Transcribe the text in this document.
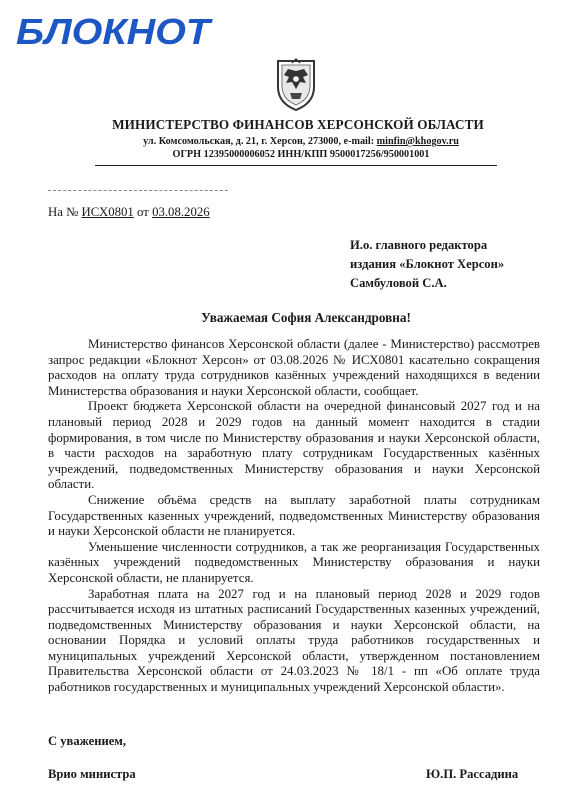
БЛОКНОТ
МИНИСТЕРСТВО ФИНАНСОВ ХЕРСОНСКОЙ ОБЛАСТИ
ул. Комсомольская, д. 21, г. Херсон, 273000, e-mail: minfin@khogov.ru
ОГРН 12395000006052 ИНН/КПП 9500017256/950001001
На № ИСХ0801 от 03.08.2026
И.о. главного редактора
издания «Блокнот Херсон»
Самбуловой С.А.
Уважаемая София Александровна!

Министерство финансов Херсонской области (далее - Министерство) рассмотрев запрос редакции «Блокнот Херсон» от 03.08.2026 № ИСХ0801 касательно сокращения расходов на оплату труда сотрудников казённых учреждений находящихся в ведении Министерства образования и науки Херсонской области, сообщает.

Проект бюджета Херсонской области на очередной финансовый 2027 год и на плановый период 2028 и 2029 годов на данный момент находится в стадии формирования, в том числе по Министерству образования и науки Херсонской области, в части расходов на заработную плату сотрудникам Государственных казённых учреждений, подведомственных Министерству образования и науки Херсонской области.

Снижение объёма средств на выплату заработной платы сотрудникам Государственных казенных учреждений, подведомственных Министерству образования и науки Херсонской области не планируется.

Уменьшение численности сотрудников, а так же реорганизация Государственных казённых учреждений подведомственных Министерству образования и науки Херсонской области, не планируется.

Заработная плата на 2027 год и на плановый период 2028 и 2029 годов рассчитывается исходя из штатных расписаний Государственных казенных учреждений, подведомственных Министерству образования и науки Херсонской области, на основании Порядка и условий оплаты труда работников государственных и муниципальных учреждений Херсонской области, утвержденном постановлением Правительства Херсонской области от 24.03.2023 № 18/1 - пп «Об оплате труда работников государственных и муниципальных учреждений Херсонской области».

С уважением,
Врио министра	Ю.П. Рассадина
